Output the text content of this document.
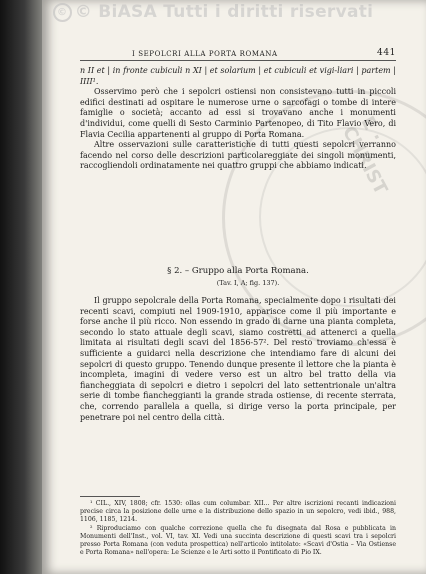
E · CHRIST
© © BiASA Tutti i diritti riservati
I SEPOLCRI ALLA PORTA ROMANA	441

n II et | in fronte cubiculi n XI | et solarium | et cubiculi et vigi-liari | partem | IIII¹.

Osservimo però che i sepolcri ostiensi non consistevano tutti in piccoli edifici destinati ad ospitare le numerose urne o sarcofagi o tombe di intere famiglie o società; accanto ad essi si trovavano anche i monumenti d'individui, come quelli di Sesto Carminio Partenopeo, di Tito Flavio Vero, di Flavia Cecilia appartenenti al gruppo di Porta Romana.

Altre osservazioni sulle caratteristiche di tutti questi sepolcri verranno facendo nel corso delle descrizioni particolareggiate dei singoli monumenti, raccogliendoli ordinatamente nei quattro gruppi che abbiamo indicati.

§ 2. – Gruppo alla Porta Romana.
(Tav. I, A; fig. 137).

Il gruppo sepolcrale della Porta Romana, specialmente dopo i risultati dei recenti scavi, compiuti nel 1909-1910, apparisce come il più importante e forse anche il più ricco. Non essendo in grado di darne una pianta completa, secondo lo stato attuale degli scavi, siamo costretti ad attenerci a quella limitata ai risultati degli scavi del 1856-57². Del resto troviamo ch'essa è sufficiente a guidarci nella descrizione che intendiamo fare di alcuni dei sepolcri di questo gruppo. Tenendo dunque presente il lettore che la pianta è incompleta, imagini di vedere verso est un altro bel tratto della via fiancheggiata di sepolcri e dietro i sepolcri del lato settentrionale un'altra serie di tombe fiancheggianti la grande strada ostiense, di recente sterrata, che, correndo parallela a quella, si dirige verso la porta principale, per penetrare poi nel centro della città.

¹ CIL., XIV, 1808; cfr. 1530: ollas cum columbar. XII... Per altre iscrizioni recanti indicazioni precise circa la posizione delle urne e la distribuzione dello spazio in un sepolcro, vedi ibid., 988, 1106, 1185, 1214.

² Riproduciamo con qualche correzione quella che fu disegnata dal Rosa e pubblicata in Monumenti dell'Inst., vol. VI, tav. XI. Vedi una succinta descrizione di questi scavi tra i sepolcri presso Porta Romana (con veduta prospettica) nell'articolo intitolato: «Scavi d'Ostia – Via Ostiense e Porta Romana» nell'opera: Le Scienze e le Arti sotto il Pontificato di Pio IX.
